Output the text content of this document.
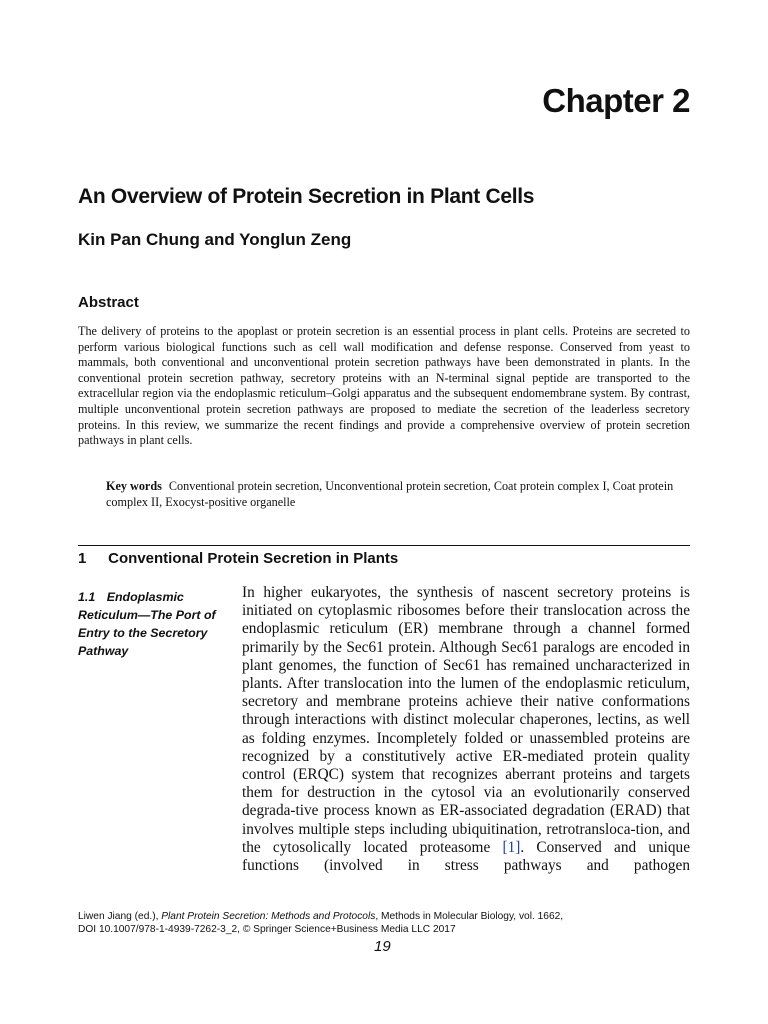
Chapter 2
An Overview of Protein Secretion in Plant Cells
Kin Pan Chung and Yonglun Zeng
Abstract
The delivery of proteins to the apoplast or protein secretion is an essential process in plant cells. Proteins are secreted to perform various biological functions such as cell wall modification and defense response. Conserved from yeast to mammals, both conventional and unconventional protein secretion pathways have been demonstrated in plants. In the conventional protein secretion pathway, secretory proteins with an N-terminal signal peptide are transported to the extracellular region via the endoplasmic reticulum–Golgi apparatus and the subsequent endomembrane system. By contrast, multiple unconventional protein secretion pathways are proposed to mediate the secretion of the leaderless secretory proteins. In this review, we summarize the recent findings and provide a comprehensive overview of protein secretion pathways in plant cells.
Key words Conventional protein secretion, Unconventional protein secretion, Coat protein complex I, Coat protein complex II, Exocyst-positive organelle
1 Conventional Protein Secretion in Plants
1.1 Endoplasmic Reticulum—The Port of Entry to the Secretory Pathway
In higher eukaryotes, the synthesis of nascent secretory proteins is initiated on cytoplasmic ribosomes before their translocation across the endoplasmic reticulum (ER) membrane through a channel formed primarily by the Sec61 protein. Although Sec61 paralogs are encoded in plant genomes, the function of Sec61 has remained uncharacterized in plants. After translocation into the lumen of the endoplasmic reticulum, secretory and membrane proteins achieve their native conformations through interactions with distinct molecular chaperones, lectins, as well as folding enzymes. Incompletely folded or unassembled proteins are recognized by a constitutively active ER-mediated protein quality control (ERQC) system that recognizes aberrant proteins and targets them for destruction in the cytosol via an evolutionarily conserved degrada-tive process known as ER-associated degradation (ERAD) that involves multiple steps including ubiquitination, retrotransloca-tion, and the cytosolically located proteasome [1]. Conserved and unique functions (involved in stress pathways and pathogen
Liwen Jiang (ed.), Plant Protein Secretion: Methods and Protocols, Methods in Molecular Biology, vol. 1662,
DOI 10.1007/978-1-4939-7262-3_2, © Springer Science+Business Media LLC 2017
19
